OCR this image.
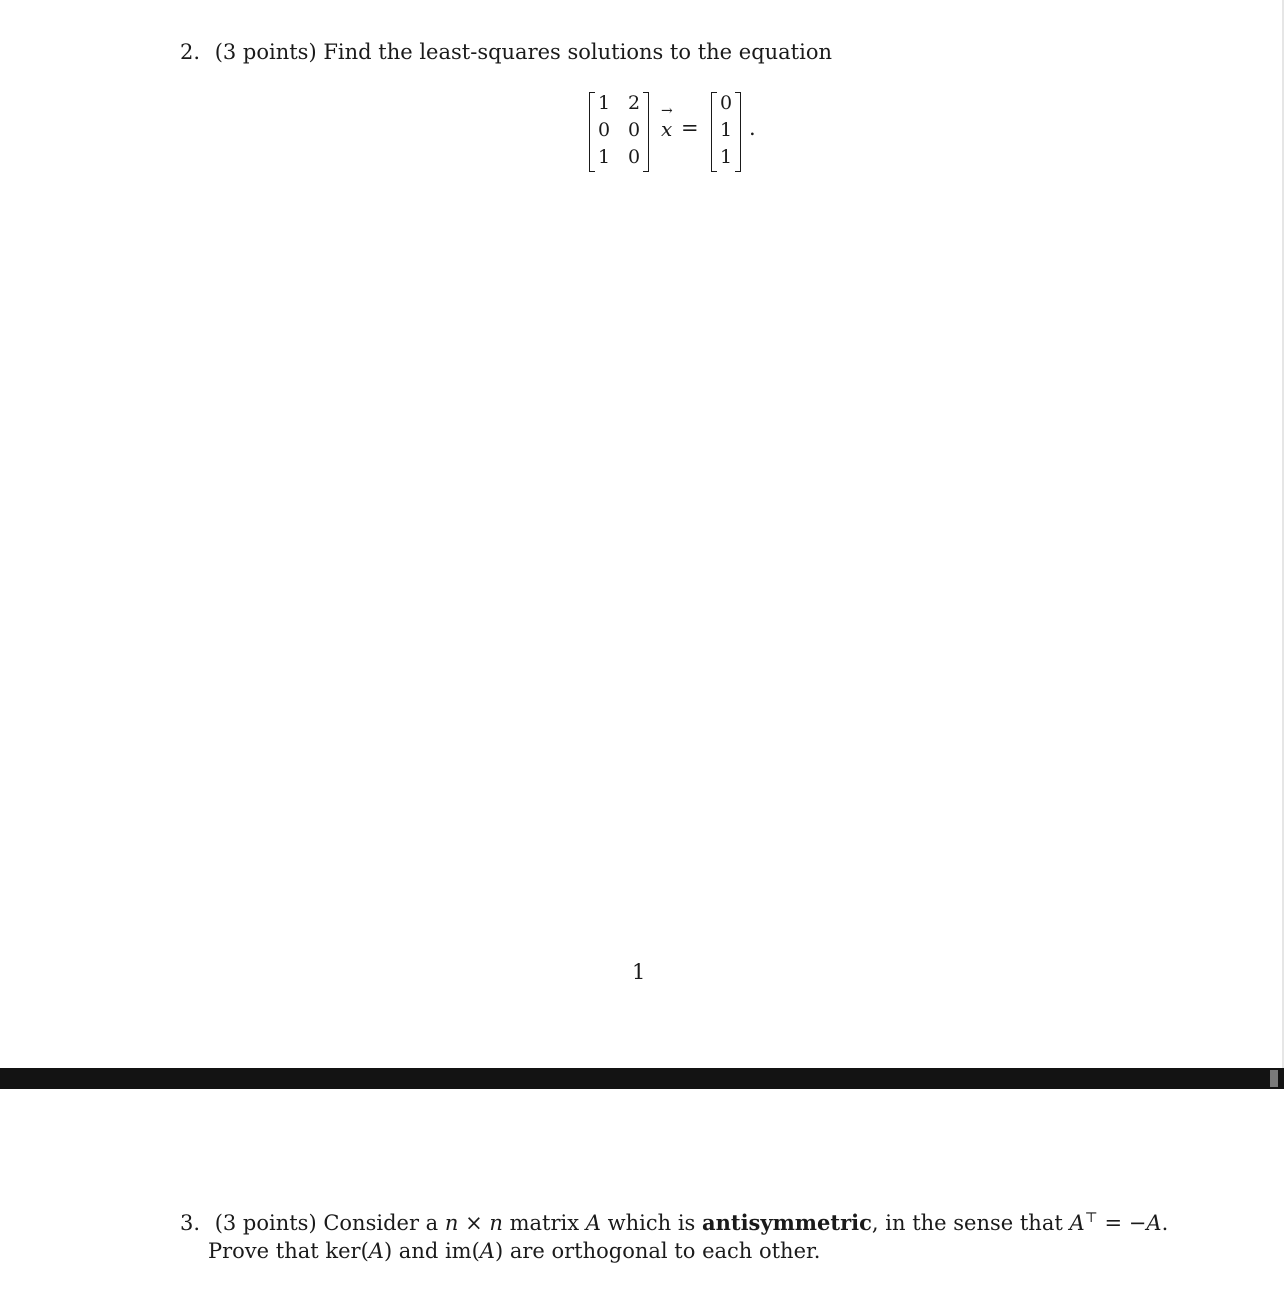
2. (3 points) Find the least-squares solutions to the equation
1 2
0 0
1 0
→
x =
0
1
1
.
1
3. (3 points) Consider a n × n matrix A which is antisymmetric, in the sense that A⊤ = −A.
Prove that ker(A) and im(A) are orthogonal to each other.
